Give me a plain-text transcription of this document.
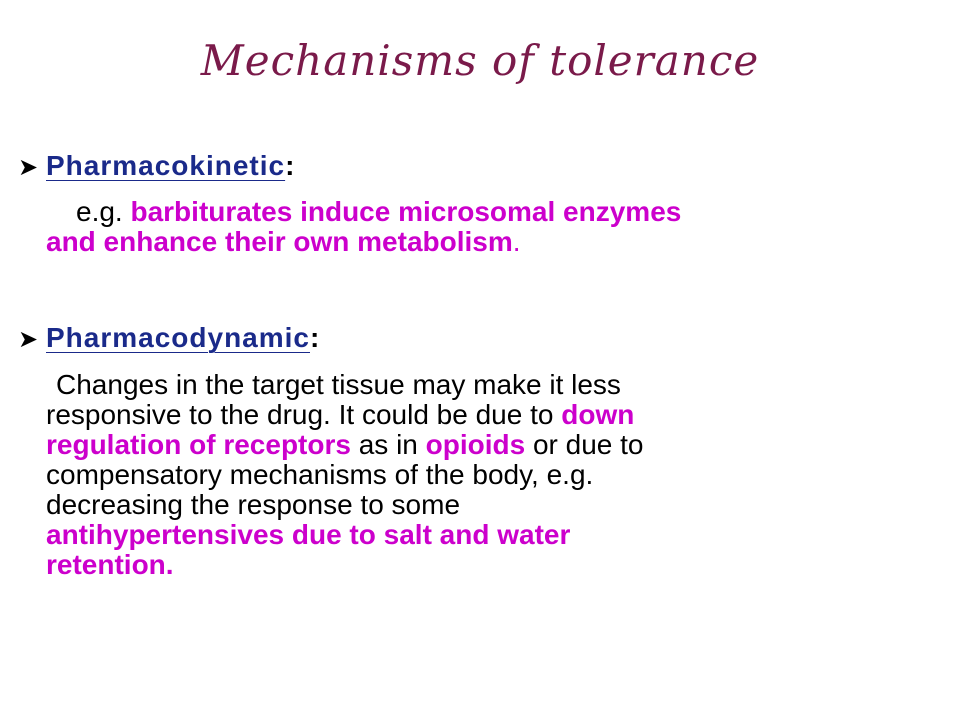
Mechanisms of tolerance
➤ Pharmacokinetic :
e.g. barbiturates induce microsomal enzymes
and enhance their own metabolism.
➤ Pharmacodynamic :
Changes in the target tissue may make it less
responsive to the drug. It could be due to down
regulation of receptors as in opioids or due to
compensatory mechanisms of the body, e.g.
decreasing the response to some
antihypertensives due to salt and water
retention.
